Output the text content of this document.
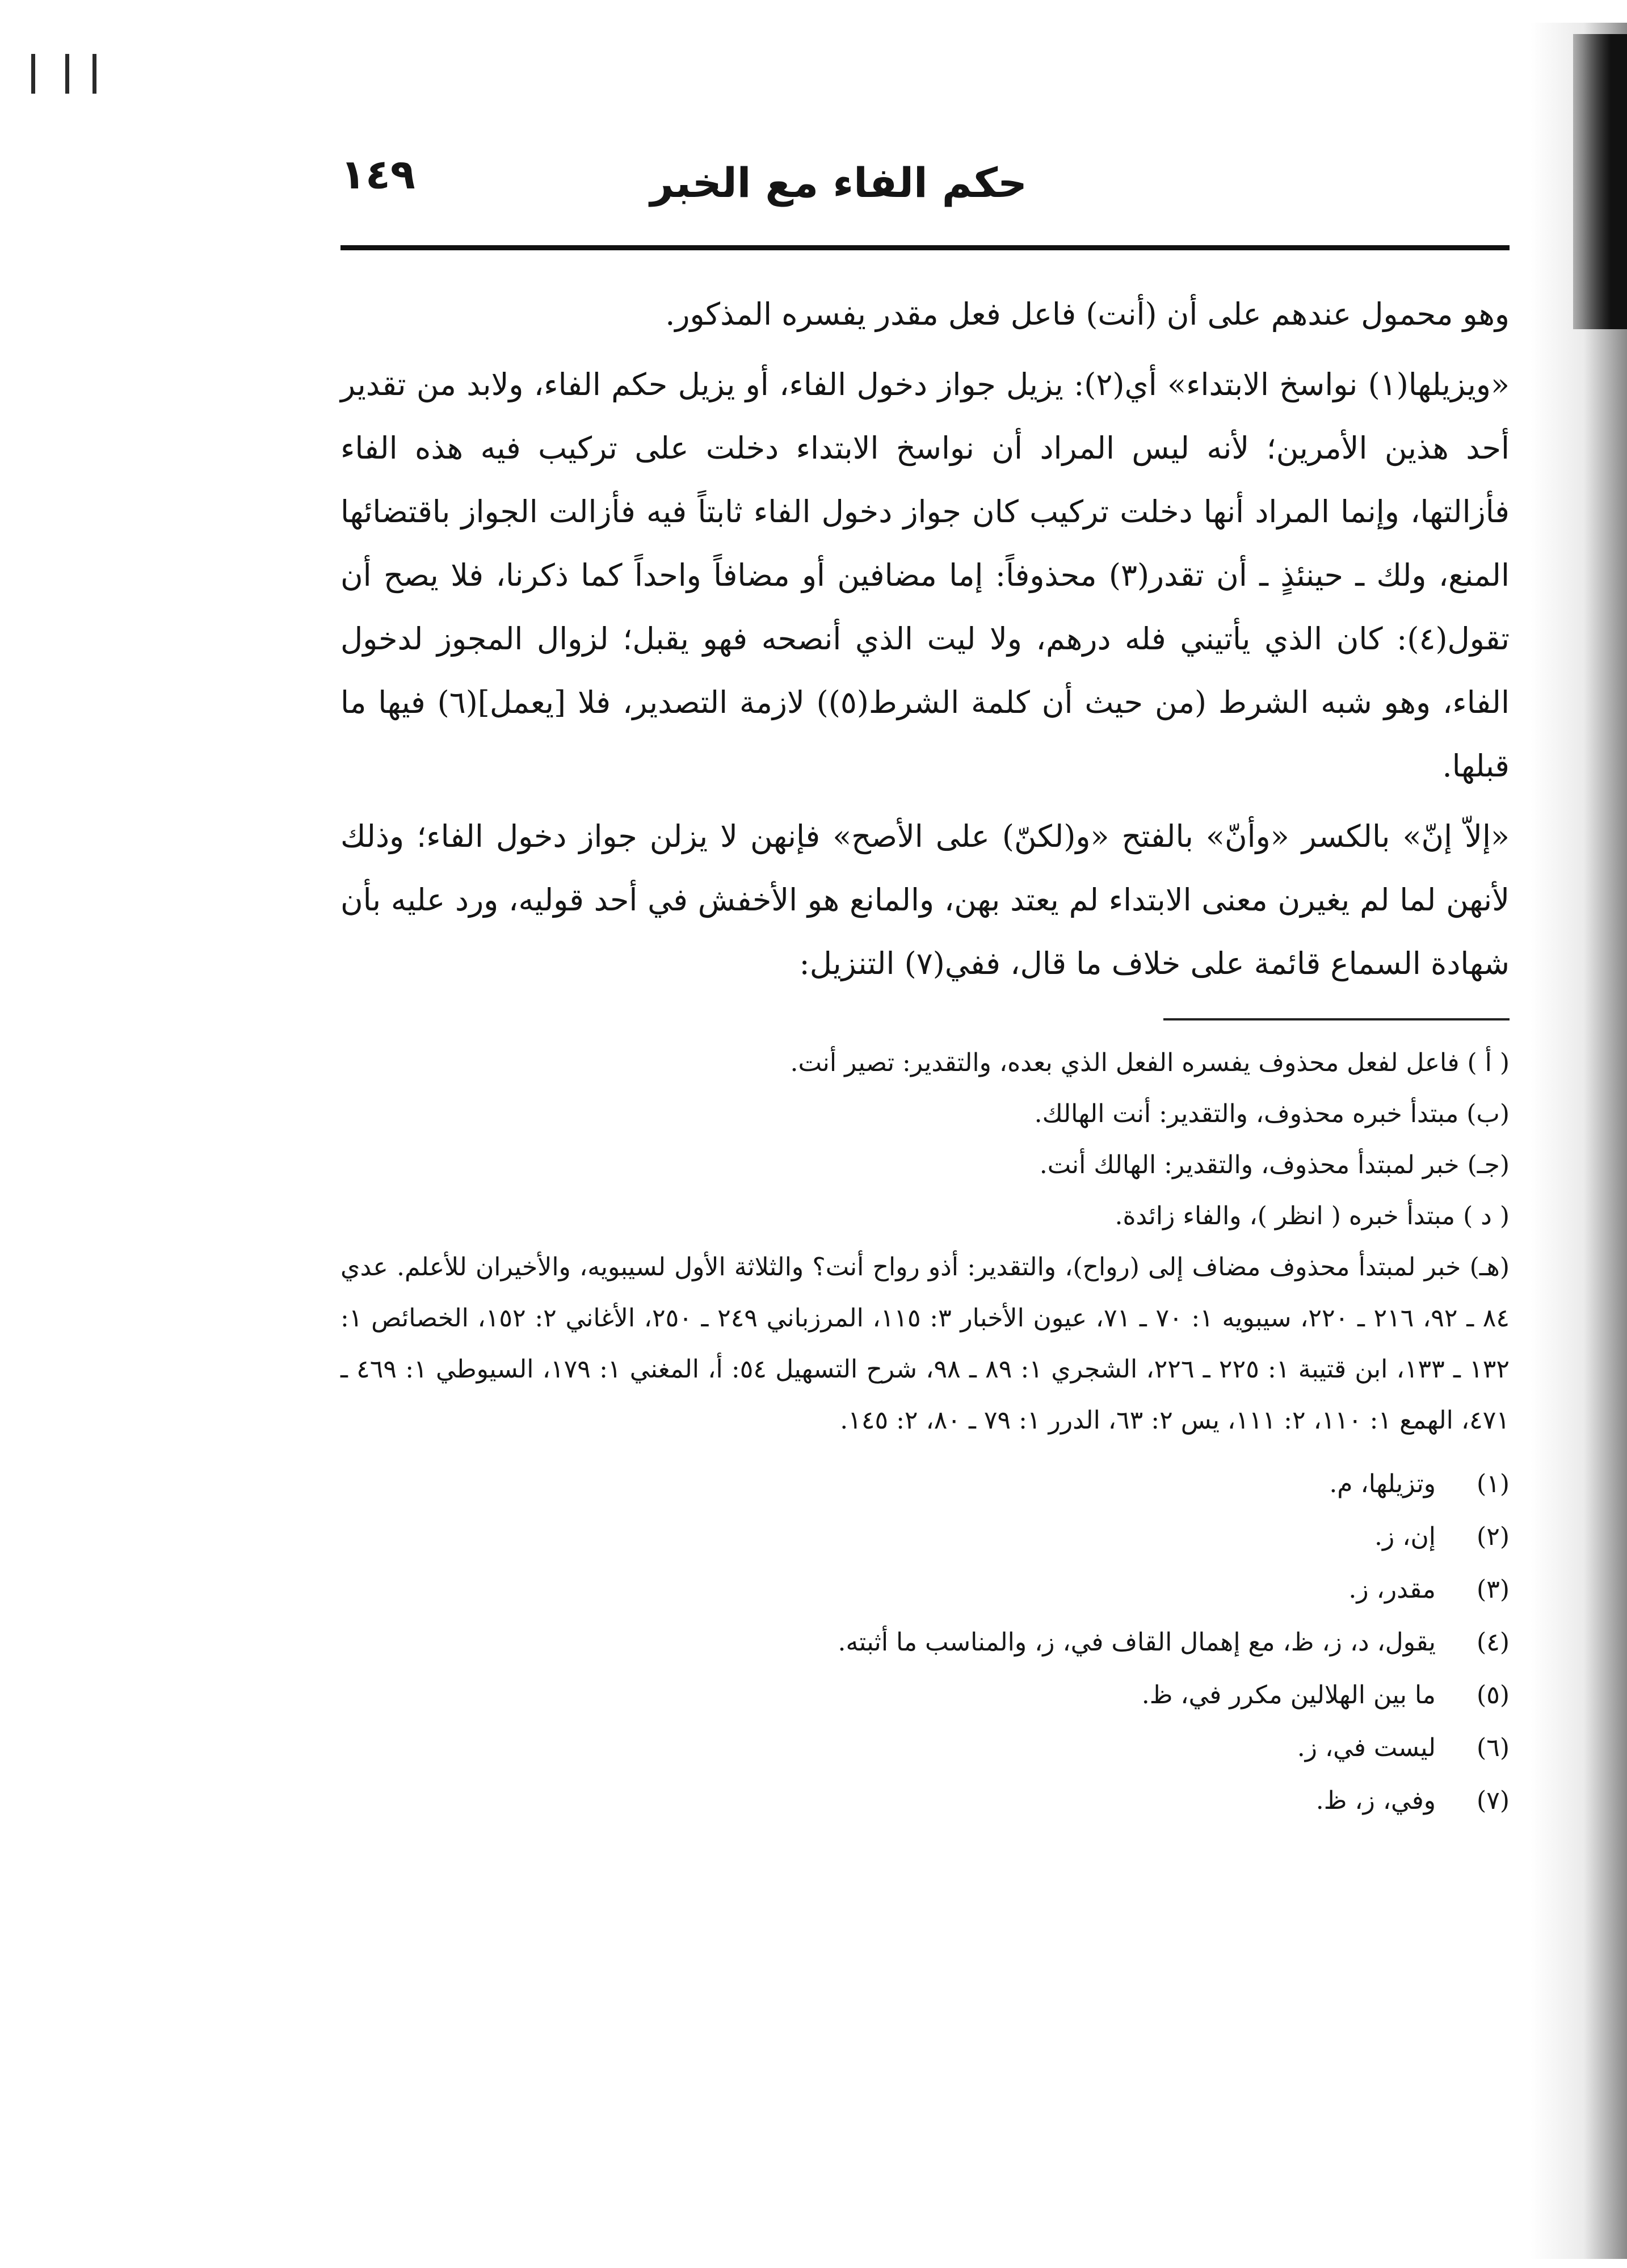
حكم الفاء مع الخبر
١٤٩

وهو محمول عندهم على أن (أنت) فاعل فعل مقدر يفسره المذكور.

«ويزيلها(١) نواسخ الابتداء» أي(٢): يزيل جواز دخول الفاء، أو يزيل حكم الفاء، ولابد من تقدير أحد هذين الأمرين؛ لأنه ليس المراد أن نواسخ الابتداء دخلت على تركيب فيه هذه الفاء فأزالتها، وإنما المراد أنها دخلت تركيب كان جواز دخول الفاء ثابتاً فيه فأزالت الجواز باقتضائها المنع، ولك ـ حينئذٍ ـ أن تقدر(٣) محذوفاً: إما مضافين أو مضافاً واحداً كما ذكرنا، فلا يصح أن تقول(٤): كان الذي يأتيني فله درهم، ولا ليت الذي أنصحه فهو يقبل؛ لزوال المجوز لدخول الفاء، وهو شبه الشرط (من حيث أن كلمة الشرط(٥)) لازمة التصدير، فلا [يعمل](٦) فيها ما قبلها.

«إلاّ إنّ» بالكسر «وأنّ» بالفتح «و(لكنّ) على الأصح» فإنهن لا يزلن جواز دخول الفاء؛ وذلك لأنهن لما لم يغيرن معنى الابتداء لم يعتد بهن، والمانع هو الأخفش في أحد قوليه، ورد عليه بأن شهادة السماع قائمة على خلاف ما قال، ففي(٧) التنزيل:

( أ ) فاعل لفعل محذوف يفسره الفعل الذي بعده، والتقدير: تصير أنت.
(ب) مبتدأ خبره محذوف، والتقدير: أنت الهالك.
(جـ) خبر لمبتدأ محذوف، والتقدير: الهالك أنت.
( د ) مبتدأ خبره ( انظر )، والفاء زائدة.
(هـ) خبر لمبتدأ محذوف مضاف إلى (رواح)، والتقدير: أذو رواح أنت؟ والثلاثة الأول لسيبويه، والأخيران للأعلم. عدي ٨٤ ـ ٩٢، ٢١٦ ـ ٢٢٠، سيبويه ١: ٧٠ ـ ٧١، عيون الأخبار ٣: ١١٥، المرزباني ٢٤٩ ـ ٢٥٠، الأغاني ٢: ١٥٢، الخصائص ١: ١٣٢ ـ ١٣٣، ابن قتيبة ١: ٢٢٥ ـ ٢٢٦، الشجري ١: ٨٩ ـ ٩٨، شرح التسهيل ٥٤: أ، المغني ١: ١٧٩، السيوطي ١: ٤٦٩ ـ ٤٧١، الهمع ١: ١١٠، ٢: ١١١، يس ٢: ٦٣، الدرر ١: ٧٩ ـ ٨٠، ٢: ١٤٥.
(١)
وتزيلها، م.
(٢)
إن، ز.
(٣)
مقدر، ز.
(٤)
يقول، د، ز، ظ، مع إهمال القاف في، ز، والمناسب ما أثبته.
(٥)
ما بين الهلالين مكرر في، ظ.
(٦)
ليست في، ز.
(٧)
وفي، ز، ظ.
